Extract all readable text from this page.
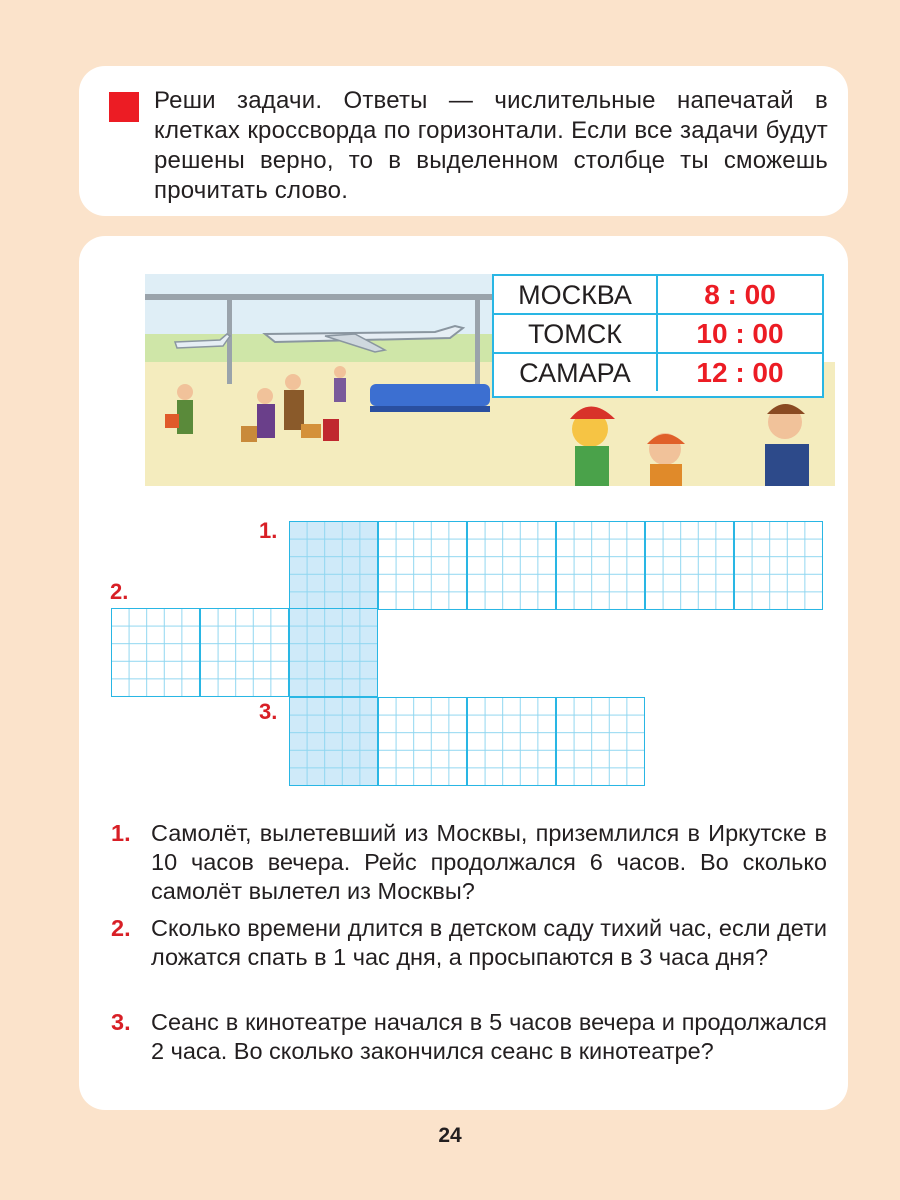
Реши задачи. Ответы — числительные напечатай в клетках кроссворда по горизонтали. Если все задачи будут решены верно, то в выделенном столбце ты сможешь прочитать слово.
МОСКВА	8 : 00
ТОМСК	10 : 00
САМАРА	12 : 00
1.
2.
3.
1. Самолёт, вылетевший из Москвы, приземлился в Иркутске в 10 часов вечера. Рейс продолжался 6 часов. Во сколько самолёт вылетел из Москвы?
2. Сколько времени длится в детском саду тихий час, если дети ложатся спать в 1 час дня, а просыпаются в 3 часа дня?
3. Сеанс в кинотеатре начался в 5 часов вечера и продолжался 2 часа. Во сколько закончился сеанс в кинотеатре?
24
